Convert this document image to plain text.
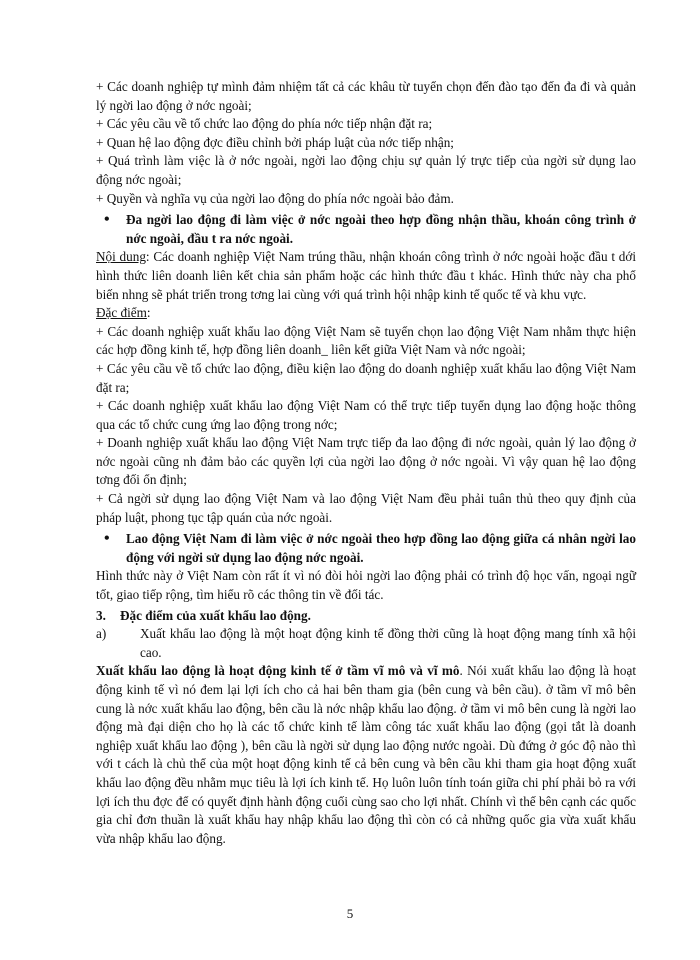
+ Các doanh nghiệp tự mình đảm nhiệm tất cả các khâu từ tuyển chọn đến đào tạo đến đa đi và quản lý ngời lao động ở nớc ngoài;

+ Các yêu cầu về tổ chức lao động do phía nớc tiếp nhận đặt ra;

+ Quan hệ lao động đợc điều chỉnh bởi pháp luật của nớc tiếp nhận;

+ Quá trình làm việc là ở nớc ngoài, ngời lao động chịu sự quản lý trực tiếp của ngời sử dụng lao động nớc ngoài;

+ Quyền và nghĩa vụ của ngời lao động do phía nớc ngoài bảo đảm.

•	Đa ngời lao động đi làm việc ở nớc ngoài theo hợp đồng nhận thầu, khoán công trình ở nớc ngoài, đầu t ra nớc ngoài.

Nội dung: Các doanh nghiệp Việt Nam trúng thầu, nhận khoán công trình ở nớc ngoài hoặc đầu t dới hình thức liên doanh liên kết chia sản phẩm hoặc các hình thức đầu t khác. Hình thức này cha phổ biến nhng sẽ phát triển trong tơng lai cùng với quá trình hội nhập kinh tế quốc tế và khu vực.

Đặc điểm:

+ Các doanh nghiệp xuất khẩu lao động Việt Nam sẽ tuyển chọn lao động Việt Nam nhằm thực hiện các hợp đồng kinh tế, hợp đồng liên doanh_ liên kết giữa Việt Nam và nớc ngoài;

+ Các yêu cầu về tổ chức lao động, điều kiện lao động do doanh nghiệp xuất khẩu lao động Việt Nam đặt ra;

+ Các doanh nghiệp xuất khẩu lao động Việt Nam có thể trực tiếp tuyển dụng lao động hoặc thông qua các tổ chức cung ứng lao động trong nớc;

+ Doanh nghiệp xuất khẩu lao động Việt Nam trực tiếp đa lao động đi nớc ngoài, quản lý lao động ở nớc ngoài cũng nh đảm bảo các quyền lợi của ngời lao động ở nớc ngoài. Vì vậy quan hệ lao động tơng đối ổn định;

+ Cả ngời sử dụng lao động Việt Nam và lao động Việt Nam đều phải tuân thủ theo quy định của pháp luật, phong tục tập quán của nớc ngoài.

•	Lao động Việt Nam đi làm việc ở nớc ngoài theo hợp đồng lao động giữa cá nhân ngời lao động với ngời sử dụng lao động nớc ngoài.

Hình thức này ở Việt Nam còn rất ít vì nó đòi hỏi ngời lao động phải có trình độ học vấn, ngoại ngữ tốt, giao tiếp rộng, tìm hiểu rõ các thông tin về đối tác.

3. Đặc điểm của xuất khẩu lao động.
a)	Xuất khẩu lao động là một hoạt động kinh tế đồng thời cũng là hoạt động mang tính xã hội cao.

Xuất khẩu lao động là hoạt động kinh tế ở tầm vĩ mô và vĩ mô. Nói xuất khẩu lao động là hoạt động kinh tế vì nó đem lại lợi ích cho cả hai bên tham gia (bên cung và bên cầu). ở tầm vĩ mô bên cung là nớc xuất khẩu lao động, bên cầu là nớc nhập khẩu lao động. ở tầm vi mô bên cung là ngời lao động mà đại diện cho họ là các tổ chức kinh tế làm công tác xuất khẩu lao động (gọi tắt là doanh nghiệp xuất khẩu lao động ), bên cầu là ngời sử dụng lao động nước ngoài. Dù đứng ở góc độ nào thì với t cách là chủ thể của một hoạt động kinh tế cả bên cung và bên cầu khi tham gia hoạt động xuất khẩu lao động đều nhằm mục tiêu là lợi ích kinh tế. Họ luôn luôn tính toán giữa chi phí phải bỏ ra với lợi ích thu đợc để có quyết định hành động cuối cùng sao cho lợi nhất. Chính vì thế bên cạnh các quốc gia chỉ đơn thuần là xuất khẩu hay nhập khẩu lao động thì còn có cả những quốc gia vừa xuất khẩu vừa nhập khẩu lao động.

5
